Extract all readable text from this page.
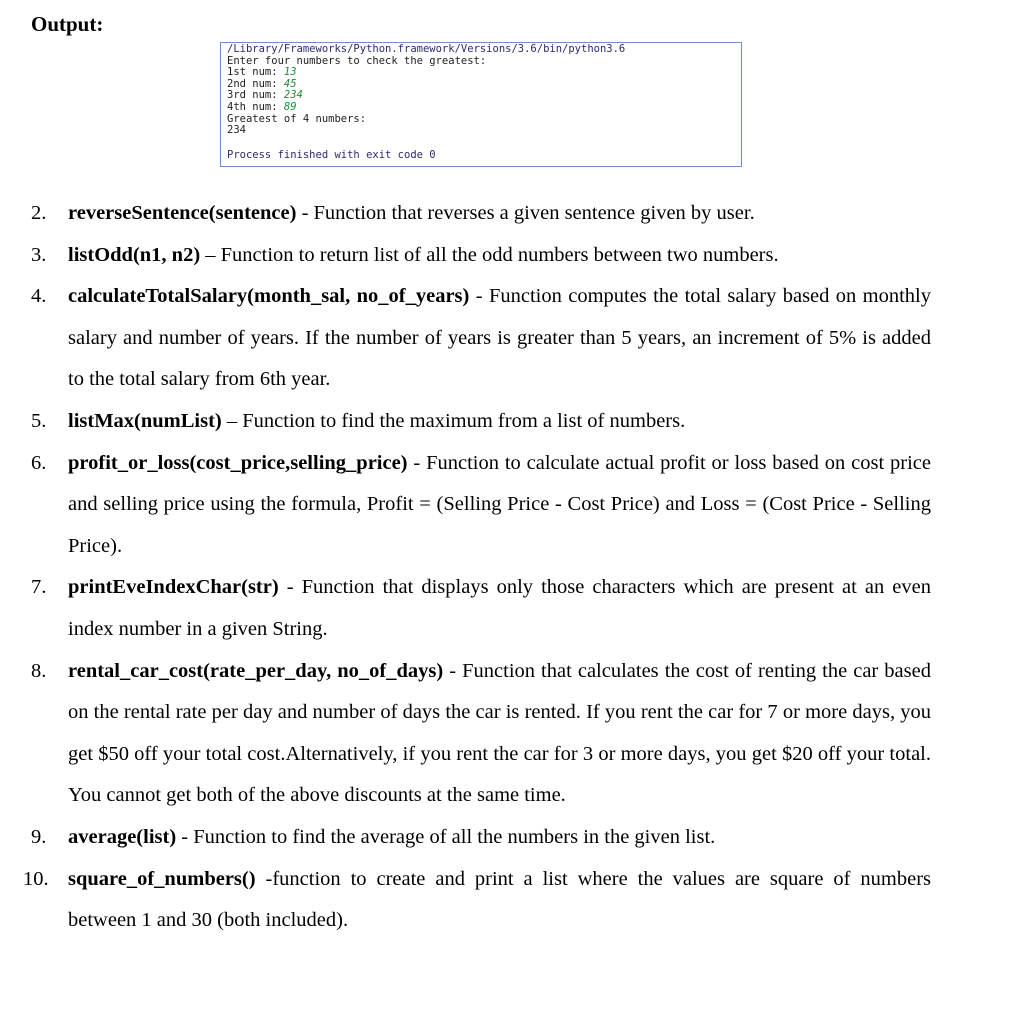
Output:
/Library/Frameworks/Python.framework/Versions/3.6/bin/python3.6
Enter four numbers to check the greatest:
1st num: 13
2nd num: 45
3rd num: 234
4th num: 89
Greatest of 4 numbers:
234
Process finished with exit code 0
2. reverseSentence(sentence) - Function that reverses a given sentence given by user.
3. listOdd(n1, n2) – Function to return list of all the odd numbers between two numbers.
4. calculateTotalSalary(month_sal, no_of_years) - Function computes the total salary based on monthly salary and number of years. If the number of years is greater than 5 years, an increment of 5% is added to the total salary from 6th year.
5. listMax(numList) – Function to find the maximum from a list of numbers.
6. profit_or_loss(cost_price,selling_price) - Function to calculate actual profit or loss based on cost price and selling price using the formula, Profit = (Selling Price - Cost Price) and Loss = (Cost Price - Selling Price).
7. printEveIndexChar(str) - Function that displays only those characters which are present at an even index number in a given String.
8. rental_car_cost(rate_per_day, no_of_days) - Function that calculates the cost of renting the car based on the rental rate per day and number of days the car is rented. If you rent the car for 7 or more days, you get $50 off your total cost.Alternatively, if you rent the car for 3 or more days, you get $20 off your total. You cannot get both of the above discounts at the same time.
9. average(list) - Function to find the average of all the numbers in the given list.
10. square_of_numbers() -function to create and print a list where the values are square of numbers between 1 and 30 (both included).
